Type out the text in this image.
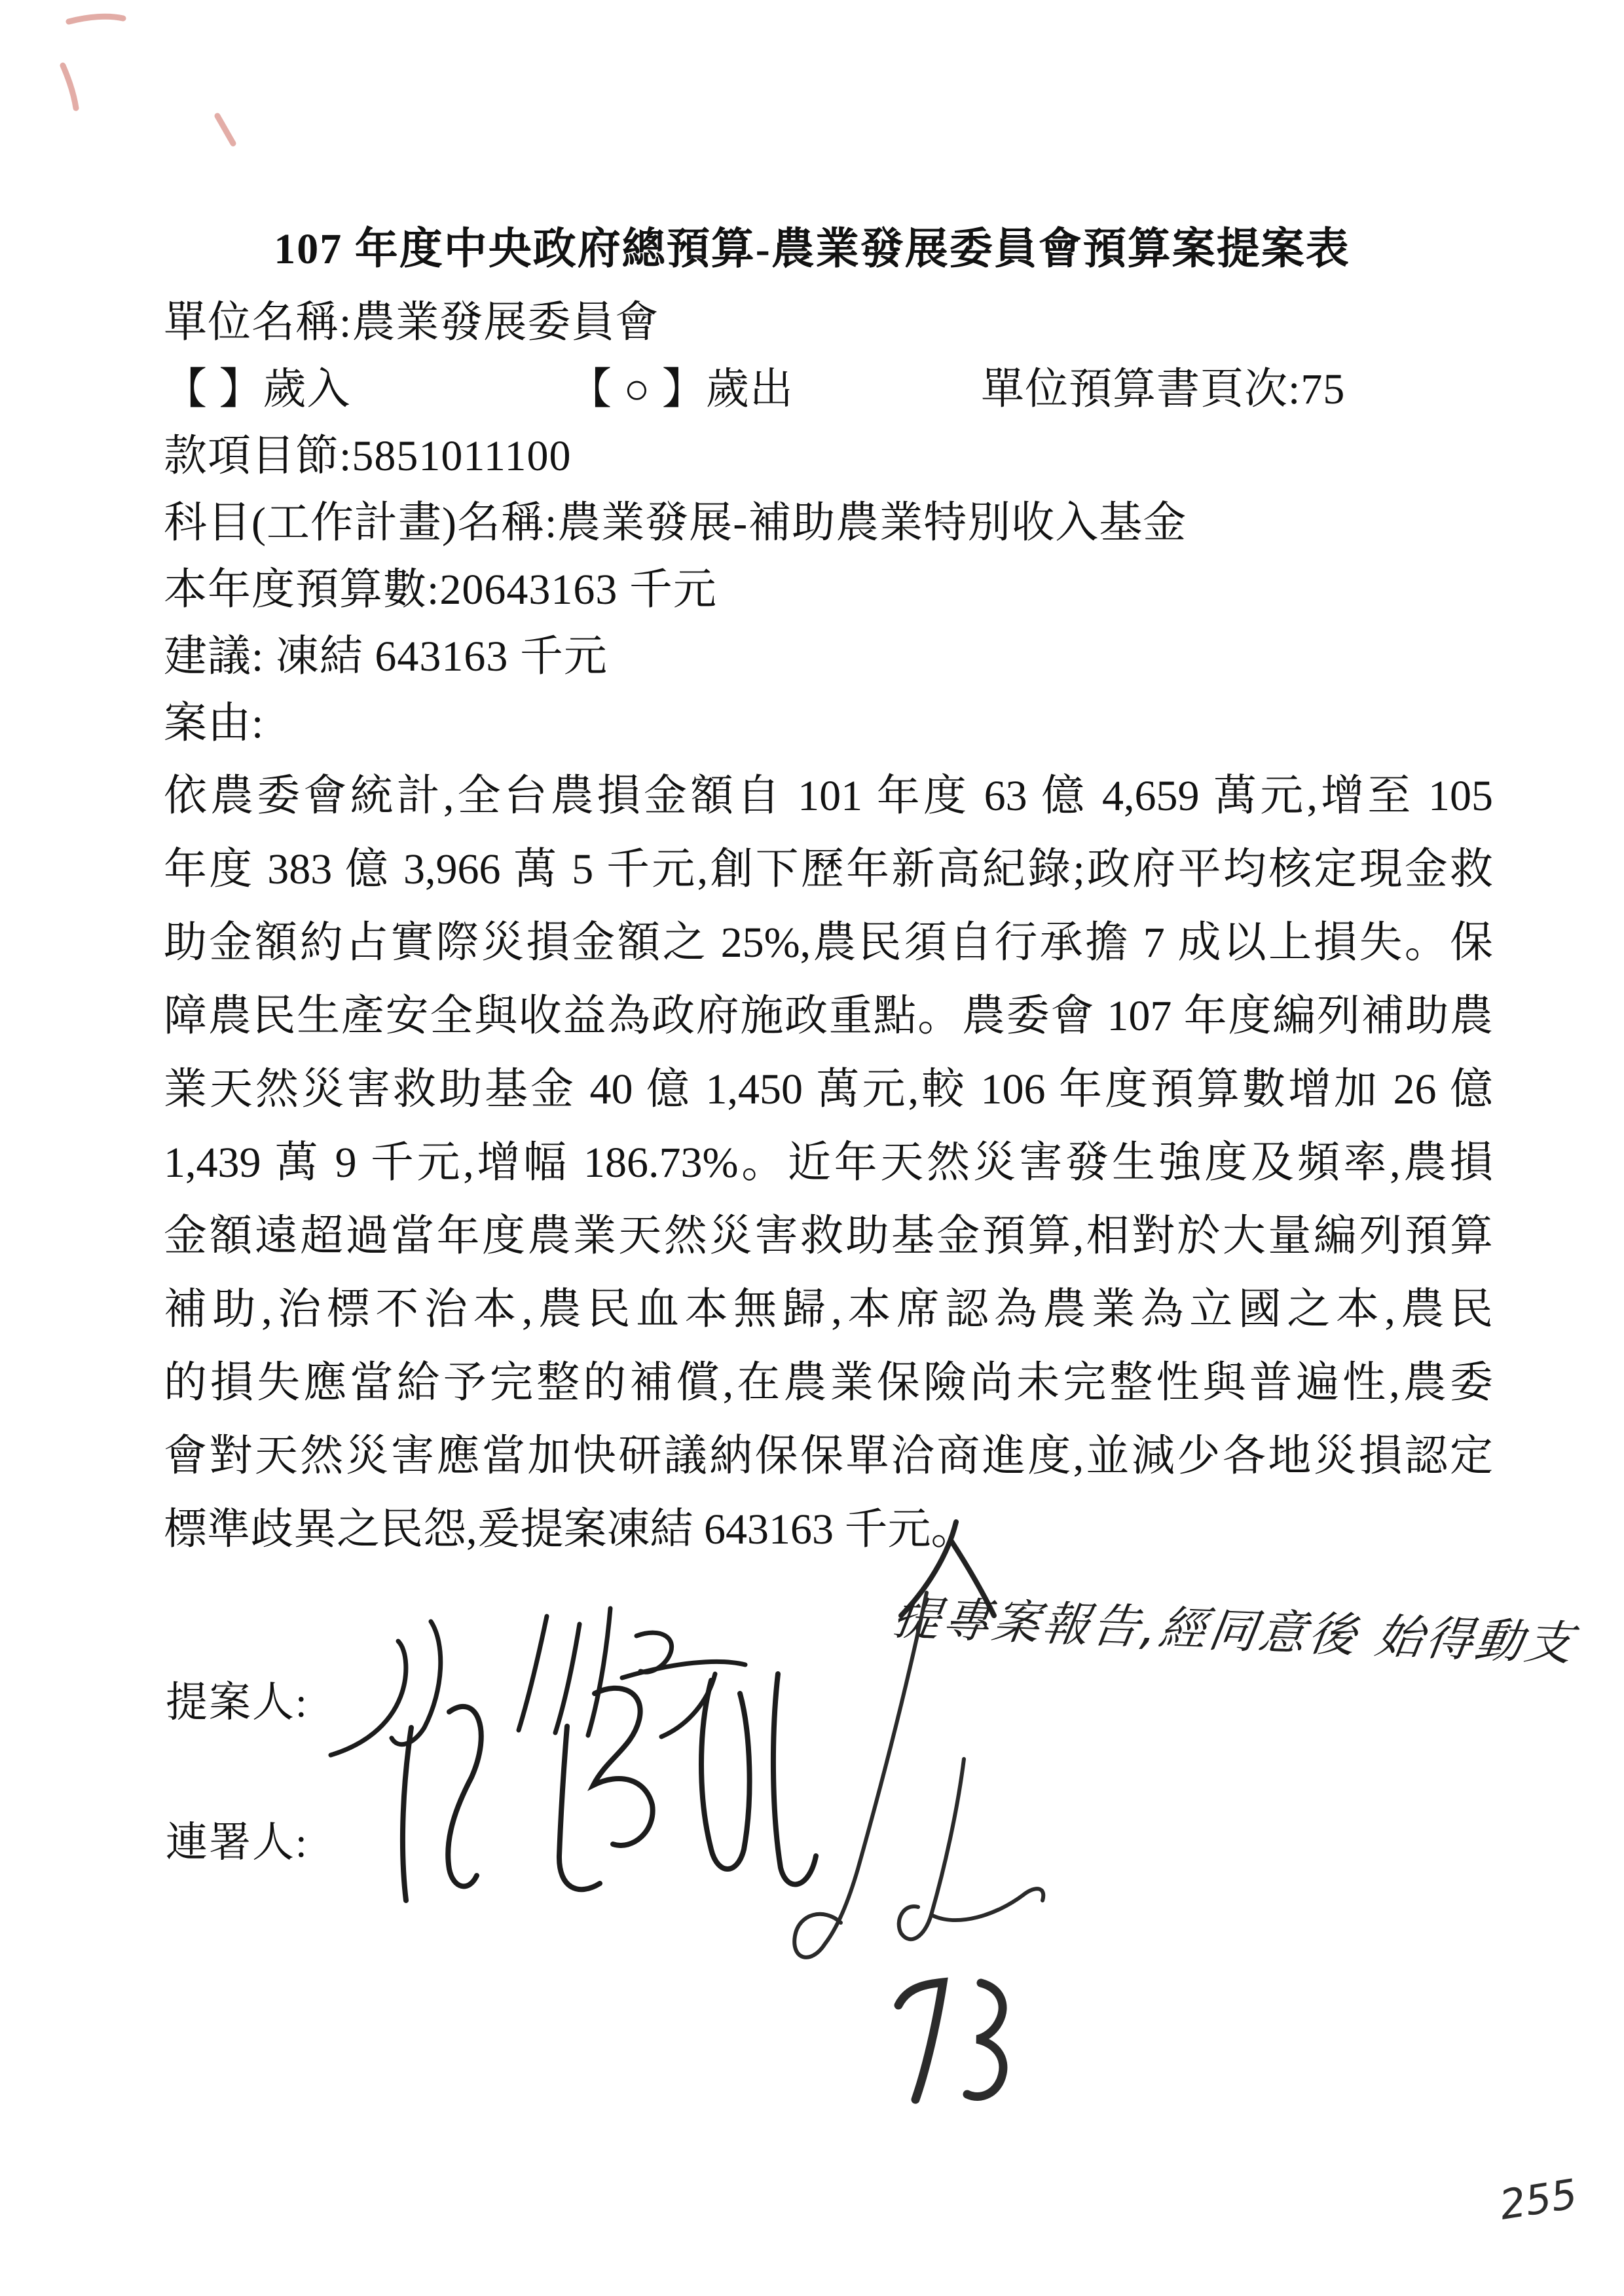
107 年度中央政府總預算-農業發展委員會預算案提案表
單位名稱:農業發展委員會
【 】歲入	【 ○ 】歲出	單位預算書頁次:75
款項目節:5851011100
科目(工作計畫)名稱:農業發展-補助農業特別收入基金
本年度預算數:20643163 千元
建議: 凍結 643163 千元
案由:
依農委會統計,全台農損金額自 101 年度 63 億 4,659 萬元,增至 105
年度 383 億 3,966 萬 5 千元,創下歷年新高紀錄;政府平均核定現金救
助金額約占實際災損金額之 25%,農民須自行承擔 7 成以上損失。保
障農民生產安全與收益為政府施政重點。農委會 107 年度編列補助農
業天然災害救助基金 40 億 1,450 萬元,較 106 年度預算數增加 26 億
1,439 萬 9 千元,增幅 186.73%。近年天然災害發生強度及頻率,農損
金額遠超過當年度農業天然災害救助基金預算,相對於大量編列預算
補助,治標不治本,農民血本無歸,本席認為農業為立國之本,農民
的損失應當給予完整的補償,在農業保險尚未完整性與普遍性,農委
會對天然災害應當加快研議納保保單洽商進度,並減少各地災損認定
標準歧異之民怨,爰提案凍結 643163 千元。
提專案報告,經同意後 始得動支
提案人:
連署人:
255
